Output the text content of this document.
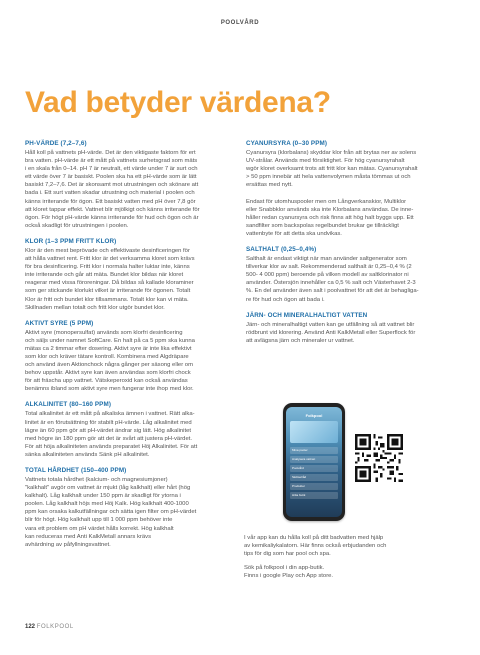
POOLVÅRD
Vad betyder värdena?
PH-VÄRDE (7,2–7,6)
Håll koll på vattnets pH-värde. Det är den viktigaste faktorn för ert
bra vatten. pH-värde är ett mått på vattnets surhetsgrad som mäts
i en skala från 0–14. pH 7 är neutralt, ett värde under 7 är surt och
ett värde över 7 är basiskt. Poolen ska ha ett pH-värde som är lätt
basiskt 7,2–7,6. Det är skonsamt mot utrustningen och skönare att
bada i. Ett surt vatten skadar utrustning och material i poolen och
känns irriterande för ögon. Ett basiskt vatten med pH över 7,8 gör
att kloret tappar effekt. Vattnet blir mjölkigt och känns irriterande för
ögon. För högt pH-värde känns irriterande för hud och ögon och är
också skadligt för utrustningen i poolen.
KLOR (1–3 PPM FRITT KLOR)
Klor är den mest beprövade och effektivaste desinficeringen för
att hålla vattnet rent. Fritt klor är det verksamma kloret som krävs
för bra desinficering. Fritt klor i normala halter luktar inte, känns
inte irriterande och går att mäta. Bundet klor bildas när kloret
reagerar med vissa föroreningar. Då bildas så kallade kloraminer
som ger stickande klorlukt vilket är irriterande för ögonen. Totalt
Klor är fritt och bundet klor tillsammans. Totalt klor kan vi mäta.
Skillnaden mellan totalt och fritt klor utgör bundet klor.
AKTIVT SYRE (5 PPM)
Aktivt syre (monopersulfat) används som klorfri desinficering
och säljs under namnet SoftCare. En halt på ca 5 ppm ska kunna
mätas ca 2 timmar efter dosering. Aktivt syre är inte lika effektivt
som klor och kräver tätare kontroll. Kombinera med Algdräpare
och använd även Aktionchock några gånger per säsong eller om
behov uppstår. Aktivt syre kan även användas som klorfri chock
för att fräscha upp vattnet. Vätskeperoxid kan också användas
benämns ibland som aktivt syre men fungerar inte ihop med klor.
ALKALINITET (80–160 PPM)
Total alkalinitet är ett mått på alkaliska ämnen i vattnet. Rätt alka-
linitet är en förutsättning för stabilt pH-värde. Låg alkalinitet med
lägre än 60 ppm gör att pH-värdet ändrar sig lätt. Hög alkalinitet
med högre än 180 ppm gör att det är svårt att justera pH-värdet.
För att höja alkaliniteten används preparatet Höj Alkalinitet. För att
sänka alkaliniteten används Sänk pH alkalinitet.
TOTAL HÅRDHET (150–400 PPM)
Vattnets totala hårdhet (kalcium- och magnesiumjoner)
"kalkhalt" avgör om vattnet är mjukt (låg kalkhalt) eller hårt (hög
kalkhalt). Låg kalkhalt under 150 ppm är skadligt för ytorna i
poolen. Låg kalkhalt höjs med Höj Kalk. Hög kalkhalt 400-1000
ppm kan orsaka kalkutfällningar och sätta igen filter om pH-värdet
blir för högt. Hög kalkhalt upp till 1 000 ppm behöver inte
vara ett problem om pH värdet hålls korrekt. Hög kalkhalt
kan reduceras med Anti KalkMetall annars krävs
avhärdning av påfyllningsvattnet.
CYANURSYRA (0–30 PPM)
Cyanursyra (klorbalans) skyddar klor från att brytas ner av solens
UV-strålar. Används med försiktighet. För hög cyanursyrahalt
wgör kloret overksamt trots att fritt klor kan mätas. Cyanursyrahalt
> 50 ppm innebär att hela vattenvolymen måsta tömmas ut och
ersättas med nytt.

Endast för utomhuspooler men om Långverkanskior, Multiklor
eller Snabbklor används ska inte Klorbalans användas. De inne-
håller redan cyanursyra och risk finns att hög halt byggs upp. Ett
sandfilter som backspolas regelbundet brukar ge tillräckligt
vattenbyte för att detta ska undvikas.
SALTHALT (0,25–0,4%)
Salthalt är endast viktigt när man använder saltgenerator som
tillverkar klor av salt. Rekommenderad salthalt är 0,25–0,4 % (2
500- 4 000 ppm) beroende på vilken modell av saltklorinator ni
använder. Östersjön innehåller ca 0,5 % salt och Västerhavet 2-3
%. En del använder även salt i poolvattnet för att det är behagliga-
re för hud och ögon att bada i.
JÄRN- OCH MINERALHALTIGT VATTEN
Järn- och mineralhaltigt vatten kan ge utfällning så att vattnet blir
rödbrunt vid klorering. Använd Anti KalkMetall eller Superflock för
att avlägsna järn och mineraler ur vattnet.
Folkpool
Mina pooler
Analysera vattnet
Poolvård
Skötselråd
Produkter
Hitta butik
I vår app kan du hålla koll på ditt badvatten med hjälp
av kemikaliykalatorn. Här finns också erbjudanden och
tips för dig som har pool och spa.
Sök på folkpool i din app-butik.
Finns i google Play och App store.
122 FOLKPOOL
